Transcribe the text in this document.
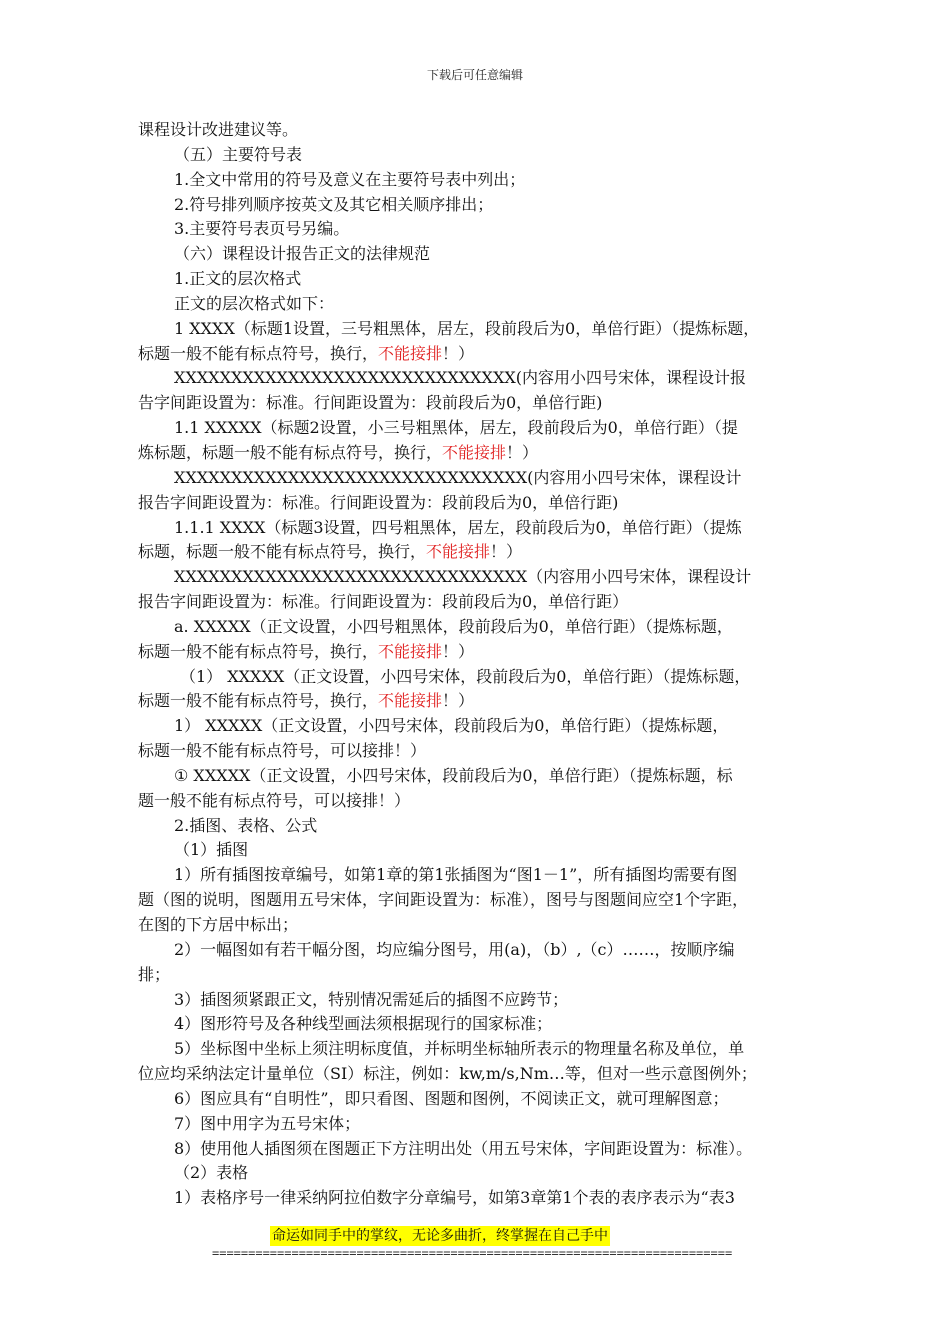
下载后可任意编辑
课程设计改进建议等。
（五）主要符号表
1.全文中常用的符号及意义在主要符号表中列出；
2.符号排列顺序按英文及其它相关顺序排出；
3.主要符号表页号另编。
（六）课程设计报告正文的法律规范
1.正文的层次格式
正文的层次格式如下：
1 XXXX（标题1设置，三号粗黑体，居左，段前段后为0，单倍行距）（提炼标题，
标题一般不能有标点符号，换行，不能接排！）
XXXXXXXXXXXXXXXXXXXXXXXXXXXXXX(内容用小四号宋体，课程设计报
告字间距设置为：标准。行间距设置为：段前段后为0，单倍行距)
1.1 XXXXX（标题2设置，小三号粗黑体，居左，段前段后为0，单倍行距）（提
炼标题，标题一般不能有标点符号，换行，不能接排！）
XXXXXXXXXXXXXXXXXXXXXXXXXXXXXXX(内容用小四号宋体，课程设计
报告字间距设置为：标准。行间距设置为：段前段后为0，单倍行距)
1.1.1 XXXX（标题3设置，四号粗黑体，居左，段前段后为0，单倍行距）（提炼
标题，标题一般不能有标点符号，换行，不能接排！）
XXXXXXXXXXXXXXXXXXXXXXXXXXXXXXX（内容用小四号宋体，课程设计
报告字间距设置为：标准。行间距设置为：段前段后为0，单倍行距）
a. XXXXX（正文设置，小四号粗黑体，段前段后为0，单倍行距）（提炼标题，
标题一般不能有标点符号，换行，不能接排！）
（1） XXXXX（正文设置，小四号宋体，段前段后为0，单倍行距）（提炼标题，
标题一般不能有标点符号，换行，不能接排！）
1） XXXXX（正文设置，小四号宋体，段前段后为0，单倍行距）（提炼标题，
标题一般不能有标点符号，可以接排！）
① XXXXX（正文设置，小四号宋体，段前段后为0，单倍行距）（提炼标题，标
题一般不能有标点符号，可以接排！）
2.插图、表格、公式
（1）插图
1）所有插图按章编号，如第1章的第1张插图为“图1－1”，所有插图均需要有图
题（图的说明，图题用五号宋体，字间距设置为：标准），图号与图题间应空1个字距，
在图的下方居中标出；
2）一幅图如有若干幅分图，均应编分图号，用(a)，（b）,（c）……，按顺序编
排；
3）插图须紧跟正文，特别情况需延后的插图不应跨节；
4）图形符号及各种线型画法须根据现行的国家标准；
5）坐标图中坐标上须注明标度值，并标明坐标轴所表示的物理量名称及单位，单
位应均采纳法定计量单位（SI）标注，例如：kw,m/s,Nm…等，但对一些示意图例外；
6）图应具有“自明性”，即只看图、图题和图例，不阅读正文，就可理解图意；
7）图中用字为五号宋体；
8）使用他人插图须在图题正下方注明出处（用五号宋体，字间距设置为：标准）。
（2）表格
1）表格序号一律采纳阿拉伯数字分章编号，如第3章第1个表的表序表示为“表3
命运如同手中的掌纹，无论多曲折，终掌握在自己手中
========================================================================
